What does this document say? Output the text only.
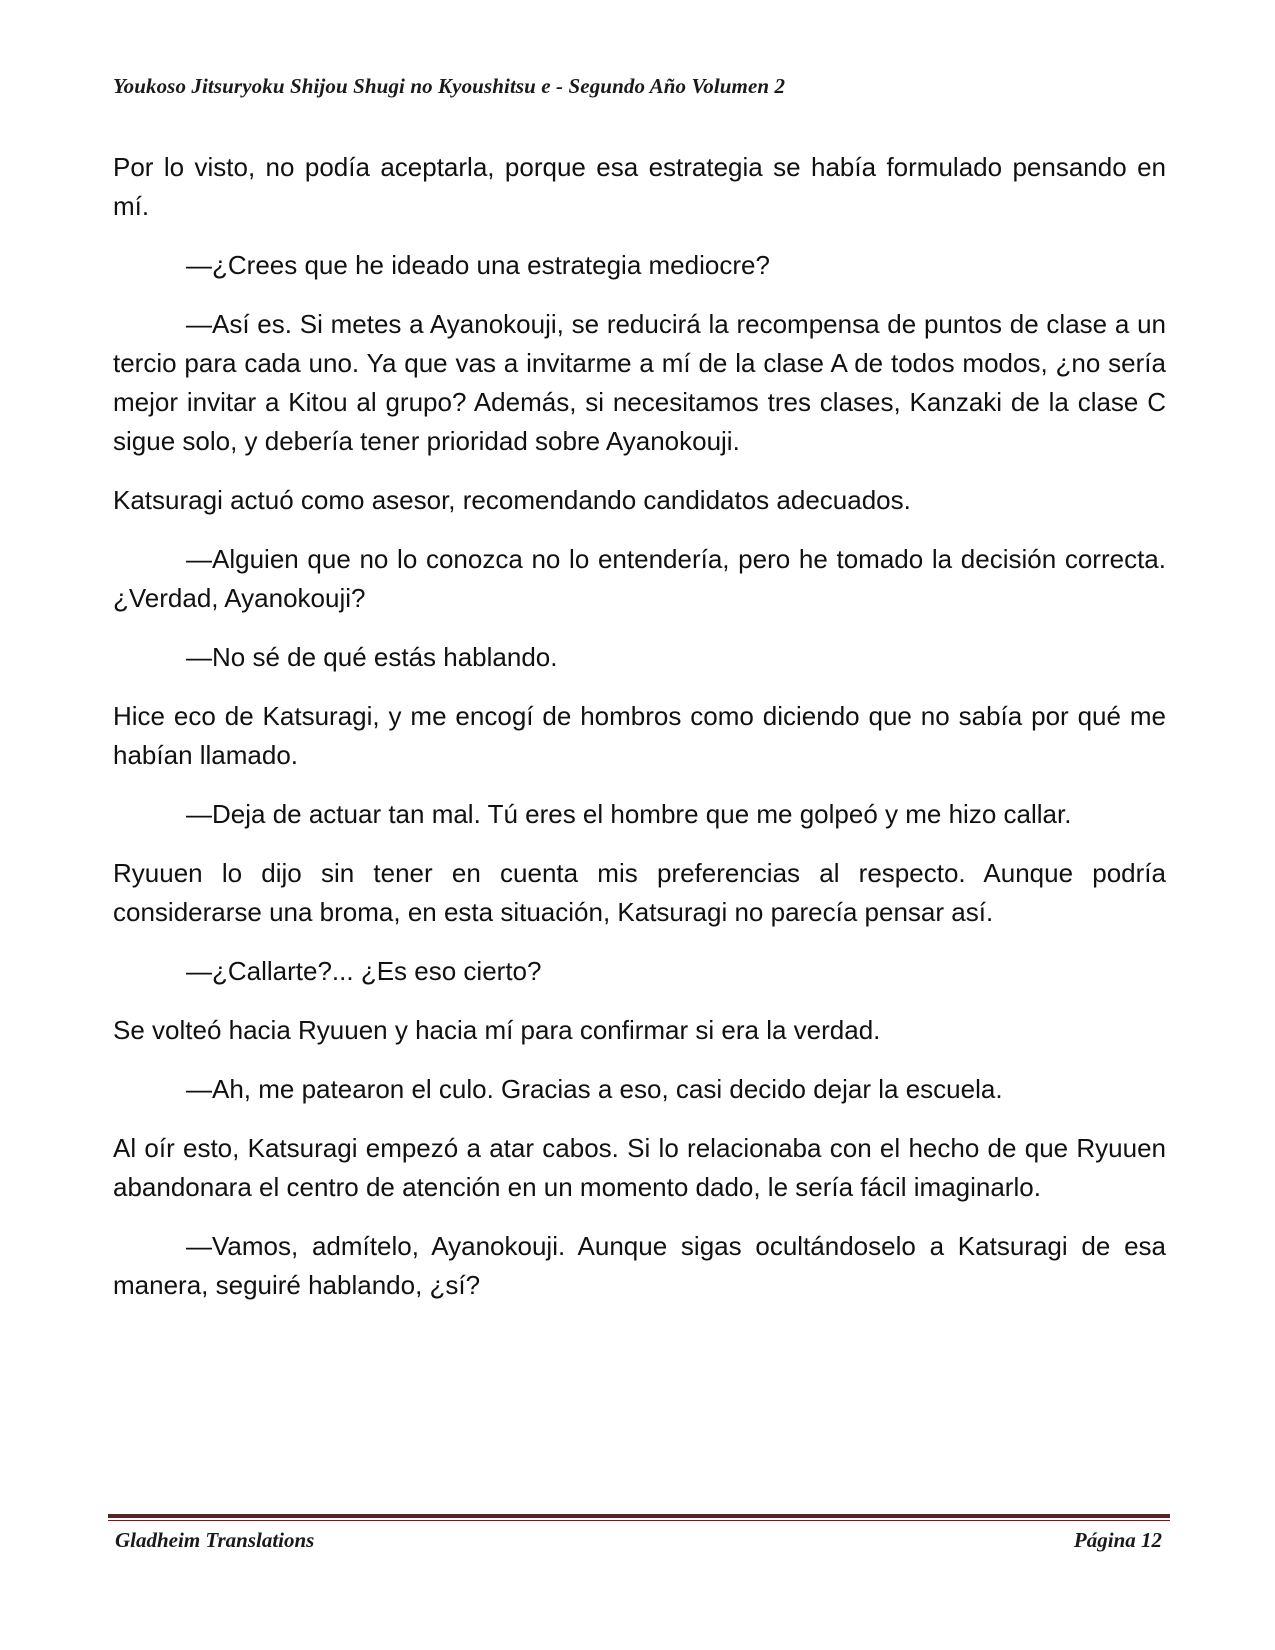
Youkoso Jitsuryoku Shijou Shugi no Kyoushitsu e - Segundo Año Volumen 2

Por lo visto, no podía aceptarla, porque esa estrategia se había formulado pensando en mí.

—¿Crees que he ideado una estrategia mediocre?

—Así es. Si metes a Ayanokouji, se reducirá la recompensa de puntos de clase a un tercio para cada uno. Ya que vas a invitarme a mí de la clase A de todos modos, ¿no sería mejor invitar a Kitou al grupo? Además, si necesitamos tres clases, Kanzaki de la clase C sigue solo, y debería tener prioridad sobre Ayanokouji.

Katsuragi actuó como asesor, recomendando candidatos adecuados.

—Alguien que no lo conozca no lo entendería, pero he tomado la decisión correcta. ¿Verdad, Ayanokouji?

—No sé de qué estás hablando.

Hice eco de Katsuragi, y me encogí de hombros como diciendo que no sabía por qué me habían llamado.

—Deja de actuar tan mal. Tú eres el hombre que me golpeó y me hizo callar.

Ryuuen lo dijo sin tener en cuenta mis preferencias al respecto. Aunque podría considerarse una broma, en esta situación, Katsuragi no parecía pensar así.

—¿Callarte?... ¿Es eso cierto?

Se volteó hacia Ryuuen y hacia mí para confirmar si era la verdad.

—Ah, me patearon el culo. Gracias a eso, casi decido dejar la escuela.

Al oír esto, Katsuragi empezó a atar cabos. Si lo relacionaba con el hecho de que Ryuuen abandonara el centro de atención en un momento dado, le sería fácil imaginarlo.

—Vamos, admítelo, Ayanokouji. Aunque sigas ocultándoselo a Katsuragi de esa manera, seguiré hablando, ¿sí?

Gladheim Translations	Página 12
